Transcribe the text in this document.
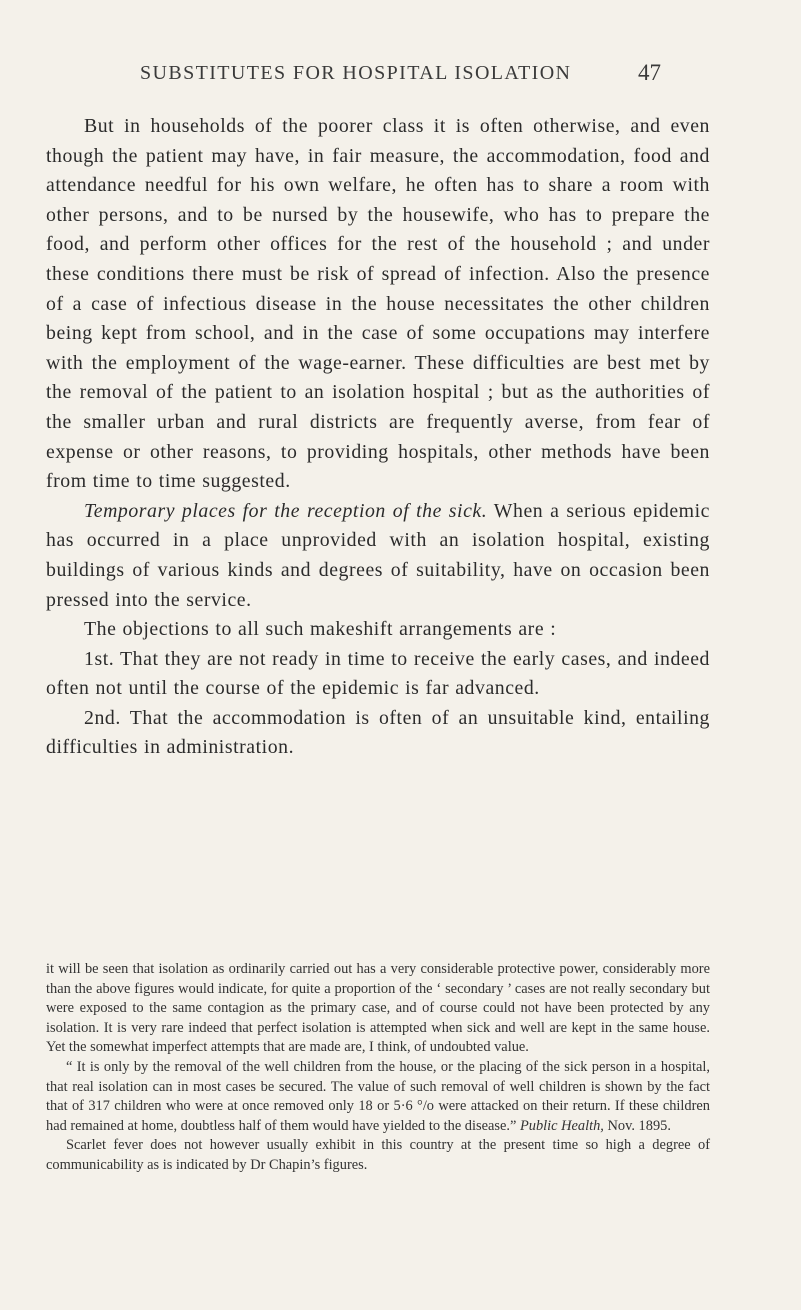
SUBSTITUTES FOR HOSPITAL ISOLATION	47

But in households of the poorer class it is often otherwise, and even though the patient may have, in fair measure, the accommodation, food and attendance needful for his own welfare, he often has to share a room with other persons, and to be nursed by the housewife, who has to prepare the food, and perform other offices for the rest of the household ; and under these conditions there must be risk of spread of infection. Also the presence of a case of infectious disease in the house necessitates the other children being kept from school, and in the case of some occupations may interfere with the employment of the wage-earner. These difficulties are best met by the removal of the patient to an isolation hospital ; but as the authorities of the smaller urban and rural districts are frequently averse, from fear of expense or other reasons, to providing hospitals, other methods have been from time to time suggested.

Temporary places for the reception of the sick. When a serious epidemic has occurred in a place unprovided with an isolation hospital, existing buildings of various kinds and degrees of suitability, have on occasion been pressed into the service.

The objections to all such makeshift arrangements are :

1st. That they are not ready in time to receive the early cases, and indeed often not until the course of the epidemic is far advanced.

2nd. That the accommodation is often of an unsuitable kind, entailing difficulties in administration.

it will be seen that isolation as ordinarily carried out has a very considerable protective power, considerably more than the above figures would indicate, for quite a proportion of the ‘ secondary ’ cases are not really secondary but were exposed to the same contagion as the primary case, and of course could not have been protected by any isolation. It is very rare indeed that perfect isolation is attempted when sick and well are kept in the same house. Yet the somewhat imperfect attempts that are made are, I think, of undoubted value.

“ It is only by the removal of the well children from the house, or the placing of the sick person in a hospital, that real isolation can in most cases be secured. The value of such removal of well children is shown by the fact that of 317 children who were at once removed only 18 or 5·6 °/o were attacked on their return. If these children had remained at home, doubtless half of them would have yielded to the disease.” Public Health, Nov. 1895.

Scarlet fever does not however usually exhibit in this country at the present time so high a degree of communicability as is indicated by Dr Chapin’s figures.
